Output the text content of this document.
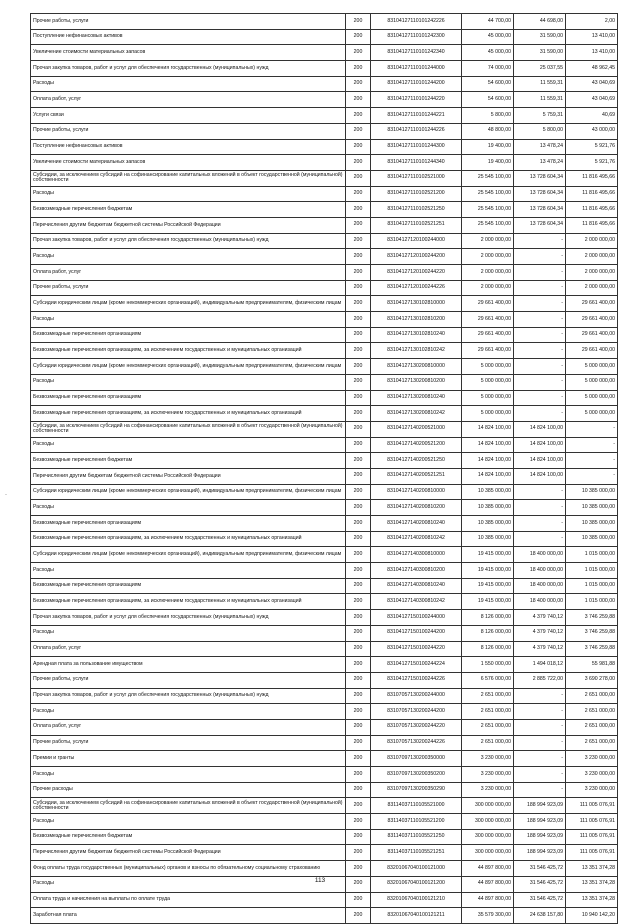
Прочие работы, услуги	200	83104127110101242226	44 700,00	44 698,00	2,00
Поступление нефинансовых активов	200	83104127110101242300	45 000,00	31 590,00	13 410,00
Увеличение стоимости материальных запасов	200	83104127110101242340	45 000,00	31 590,00	13 410,00
Прочая закупка товаров, работ и услуг для обеспечения государственных (муниципальных) нужд	200	83104127110101244000	74 000,00	25 037,55	48 962,45
Расходы	200	83104127110101244200	54 600,00	11 559,31	43 040,69
Оплата работ, услуг	200	83104127110101244220	54 600,00	11 559,31	43 040,69
Услуги связи	200	83104127110101244221	5 800,00	5 759,31	40,69
Прочие работы, услуги	200	83104127110101244226	48 800,00	5 800,00	43 000,00
Поступление нефинансовых активов	200	83104127110101244300	19 400,00	13 478,24	5 921,76
Увеличение стоимости материальных запасов	200	83104127110101244340	19 400,00	13 478,24	5 921,76
Субсидии, за исключением субсидий на софинансирование капитальных вложений в объект государственной (муниципальной) собственности	200	83104127110102521000	25 545 100,00	13 728 604,34	11 816 495,66
Расходы	200	83104127110102521200	25 545 100,00	13 728 604,34	11 816 495,66
Безвозмездные перечисления бюджетам	200	83104127110102521250	25 545 100,00	13 728 604,34	11 816 495,66
Перечисления другим бюджетам бюджетной системы Российской Федерации	200	83104127110102521251	25 545 100,00	13 728 604,34	11 816 495,66
Прочая закупка товаров, работ и услуг для обеспечения государственных (муниципальных) нужд	200	83104127120100244000	2 000 000,00	-	2 000 000,00
Расходы	200	83104127120100244200	2 000 000,00	-	2 000 000,00
Оплата работ, услуг	200	83104127120100244220	2 000 000,00	-	2 000 000,00
Прочие работы, услуги	200	83104127120100244226	2 000 000,00	-	2 000 000,00
Субсидии юридическим лицам (кроме некоммерческих организаций), индивидуальным предпринимателям, физическим лицам	200	83104127130102810000	29 661 400,00	-	29 661 400,00
Расходы	200	83104127130102810200	29 661 400,00	-	29 661 400,00
Безвозмездные перечисления организациям	200	83104127130102810240	29 661 400,00	-	29 661 400,00
Безвозмездные перечисления организациям, за исключением государственных и муниципальных организаций	200	83104127130102810242	29 661 400,00	-	29 661 400,00
Субсидии юридическим лицам (кроме некоммерческих организаций), индивидуальным предпринимателям, физическим лицам	200	83104127130200810000	5 000 000,00	-	5 000 000,00
Расходы	200	83104127130200810200	5 000 000,00	-	5 000 000,00
Безвозмездные перечисления организациям	200	83104127130200810240	5 000 000,00	-	5 000 000,00
Безвозмездные перечисления организациям, за исключением государственных и муниципальных организаций	200	83104127130200810242	5 000 000,00	-	5 000 000,00
Субсидии, за исключением субсидий на софинансирование капитальных вложений в объект государственной (муниципальной) собственности	200	83104127140200521000	14 824 100,00	14 824 100,00	-
Расходы	200	83104127140200521200	14 824 100,00	14 824 100,00	-
Безвозмездные перечисления бюджетам	200	83104127140200521250	14 824 100,00	14 824 100,00	-
Перечисления другим бюджетам бюджетной системы Российской Федерации	200	83104127140200521251	14 824 100,00	14 824 100,00	-
Субсидии юридическим лицам (кроме некоммерческих организаций), индивидуальным предпринимателям, физическим лицам	200	83104127140200810000	10 385 000,00	-	10 385 000,00
Расходы	200	83104127140200810200	10 385 000,00	-	10 385 000,00
Безвозмездные перечисления организациям	200	83104127140200810240	10 385 000,00	-	10 385 000,00
Безвозмездные перечисления организациям, за исключением государственных и муниципальных организаций	200	83104127140200810242	10 385 000,00	-	10 385 000,00
Субсидии юридическим лицам (кроме некоммерческих организаций), индивидуальным предпринимателям, физическим лицам	200	83104127140300810000	19 415 000,00	18 400 000,00	1 015 000,00
Расходы	200	83104127140300810200	19 415 000,00	18 400 000,00	1 015 000,00
Безвозмездные перечисления организациям	200	83104127140300810240	19 415 000,00	18 400 000,00	1 015 000,00
Безвозмездные перечисления организациям, за исключением государственных и муниципальных организаций	200	83104127140300810242	19 415 000,00	18 400 000,00	1 015 000,00
Прочая закупка товаров, работ и услуг для обеспечения государственных (муниципальных) нужд	200	83104127150100244000	8 126 000,00	4 379 740,12	3 746 259,88
Расходы	200	83104127150100244200	8 126 000,00	4 379 740,12	3 746 259,88
Оплата работ, услуг	200	83104127150100244220	8 126 000,00	4 379 740,12	3 746 259,88
Арендная плата за пользование имуществом	200	83104127150100244224	1 550 000,00	1 494 018,12	55 981,88
Прочие работы, услуги	200	83104127150100244226	6 576 000,00	2 885 722,00	3 690 278,00
Прочая закупка товаров, работ и услуг для обеспечения государственных (муниципальных) нужд	200	83107057130200244000	2 651 000,00	-	2 651 000,00
Расходы	200	83107057130200244200	2 651 000,00	-	2 651 000,00
Оплата работ, услуг	200	83107057130200244220	2 651 000,00	-	2 651 000,00
Прочие работы, услуги	200	83107057130200244226	2 651 000,00	-	2 651 000,00
Премии и гранты	200	83107097130200350000	3 230 000,00	-	3 230 000,00
Расходы	200	83107097130200350200	3 230 000,00	-	3 230 000,00
Прочие расходы	200	83107097130200350290	3 230 000,00	-	3 230 000,00
Субсидии, за исключением субсидий на софинансирование капитальных вложений в объект государственной (муниципальной) собственности	200	83114037110105521000	300 000 000,00	188 994 923,09	111 005 076,91
Расходы	200	83114037110105521200	300 000 000,00	188 994 923,09	111 005 076,91
Безвозмездные перечисления бюджетам	200	83114037110105521250	300 000 000,00	188 994 923,09	111 005 076,91
Перечисления другим бюджетам бюджетной системы Российской Федерации	200	83114037110105521251	300 000 000,00	188 994 923,09	111 005 076,91
Фонд оплаты труда государственных (муниципальных) органов и взносы по обязательному социальному страхованию	200	83201067040100121000	44 897 800,00	31 546 425,72	13 351 374,28
Расходы	200	83201067040100121200	44 897 800,00	31 546 425,72	13 351 374,28
Оплата труда и начисления на выплаты по оплате труда	200	83201067040100121210	44 897 800,00	31 546 425,72	13 351 374,28
Заработная плата	200	83201067040100121211	35 579 300,00	24 638 157,80	10 940 142,20
·
113
